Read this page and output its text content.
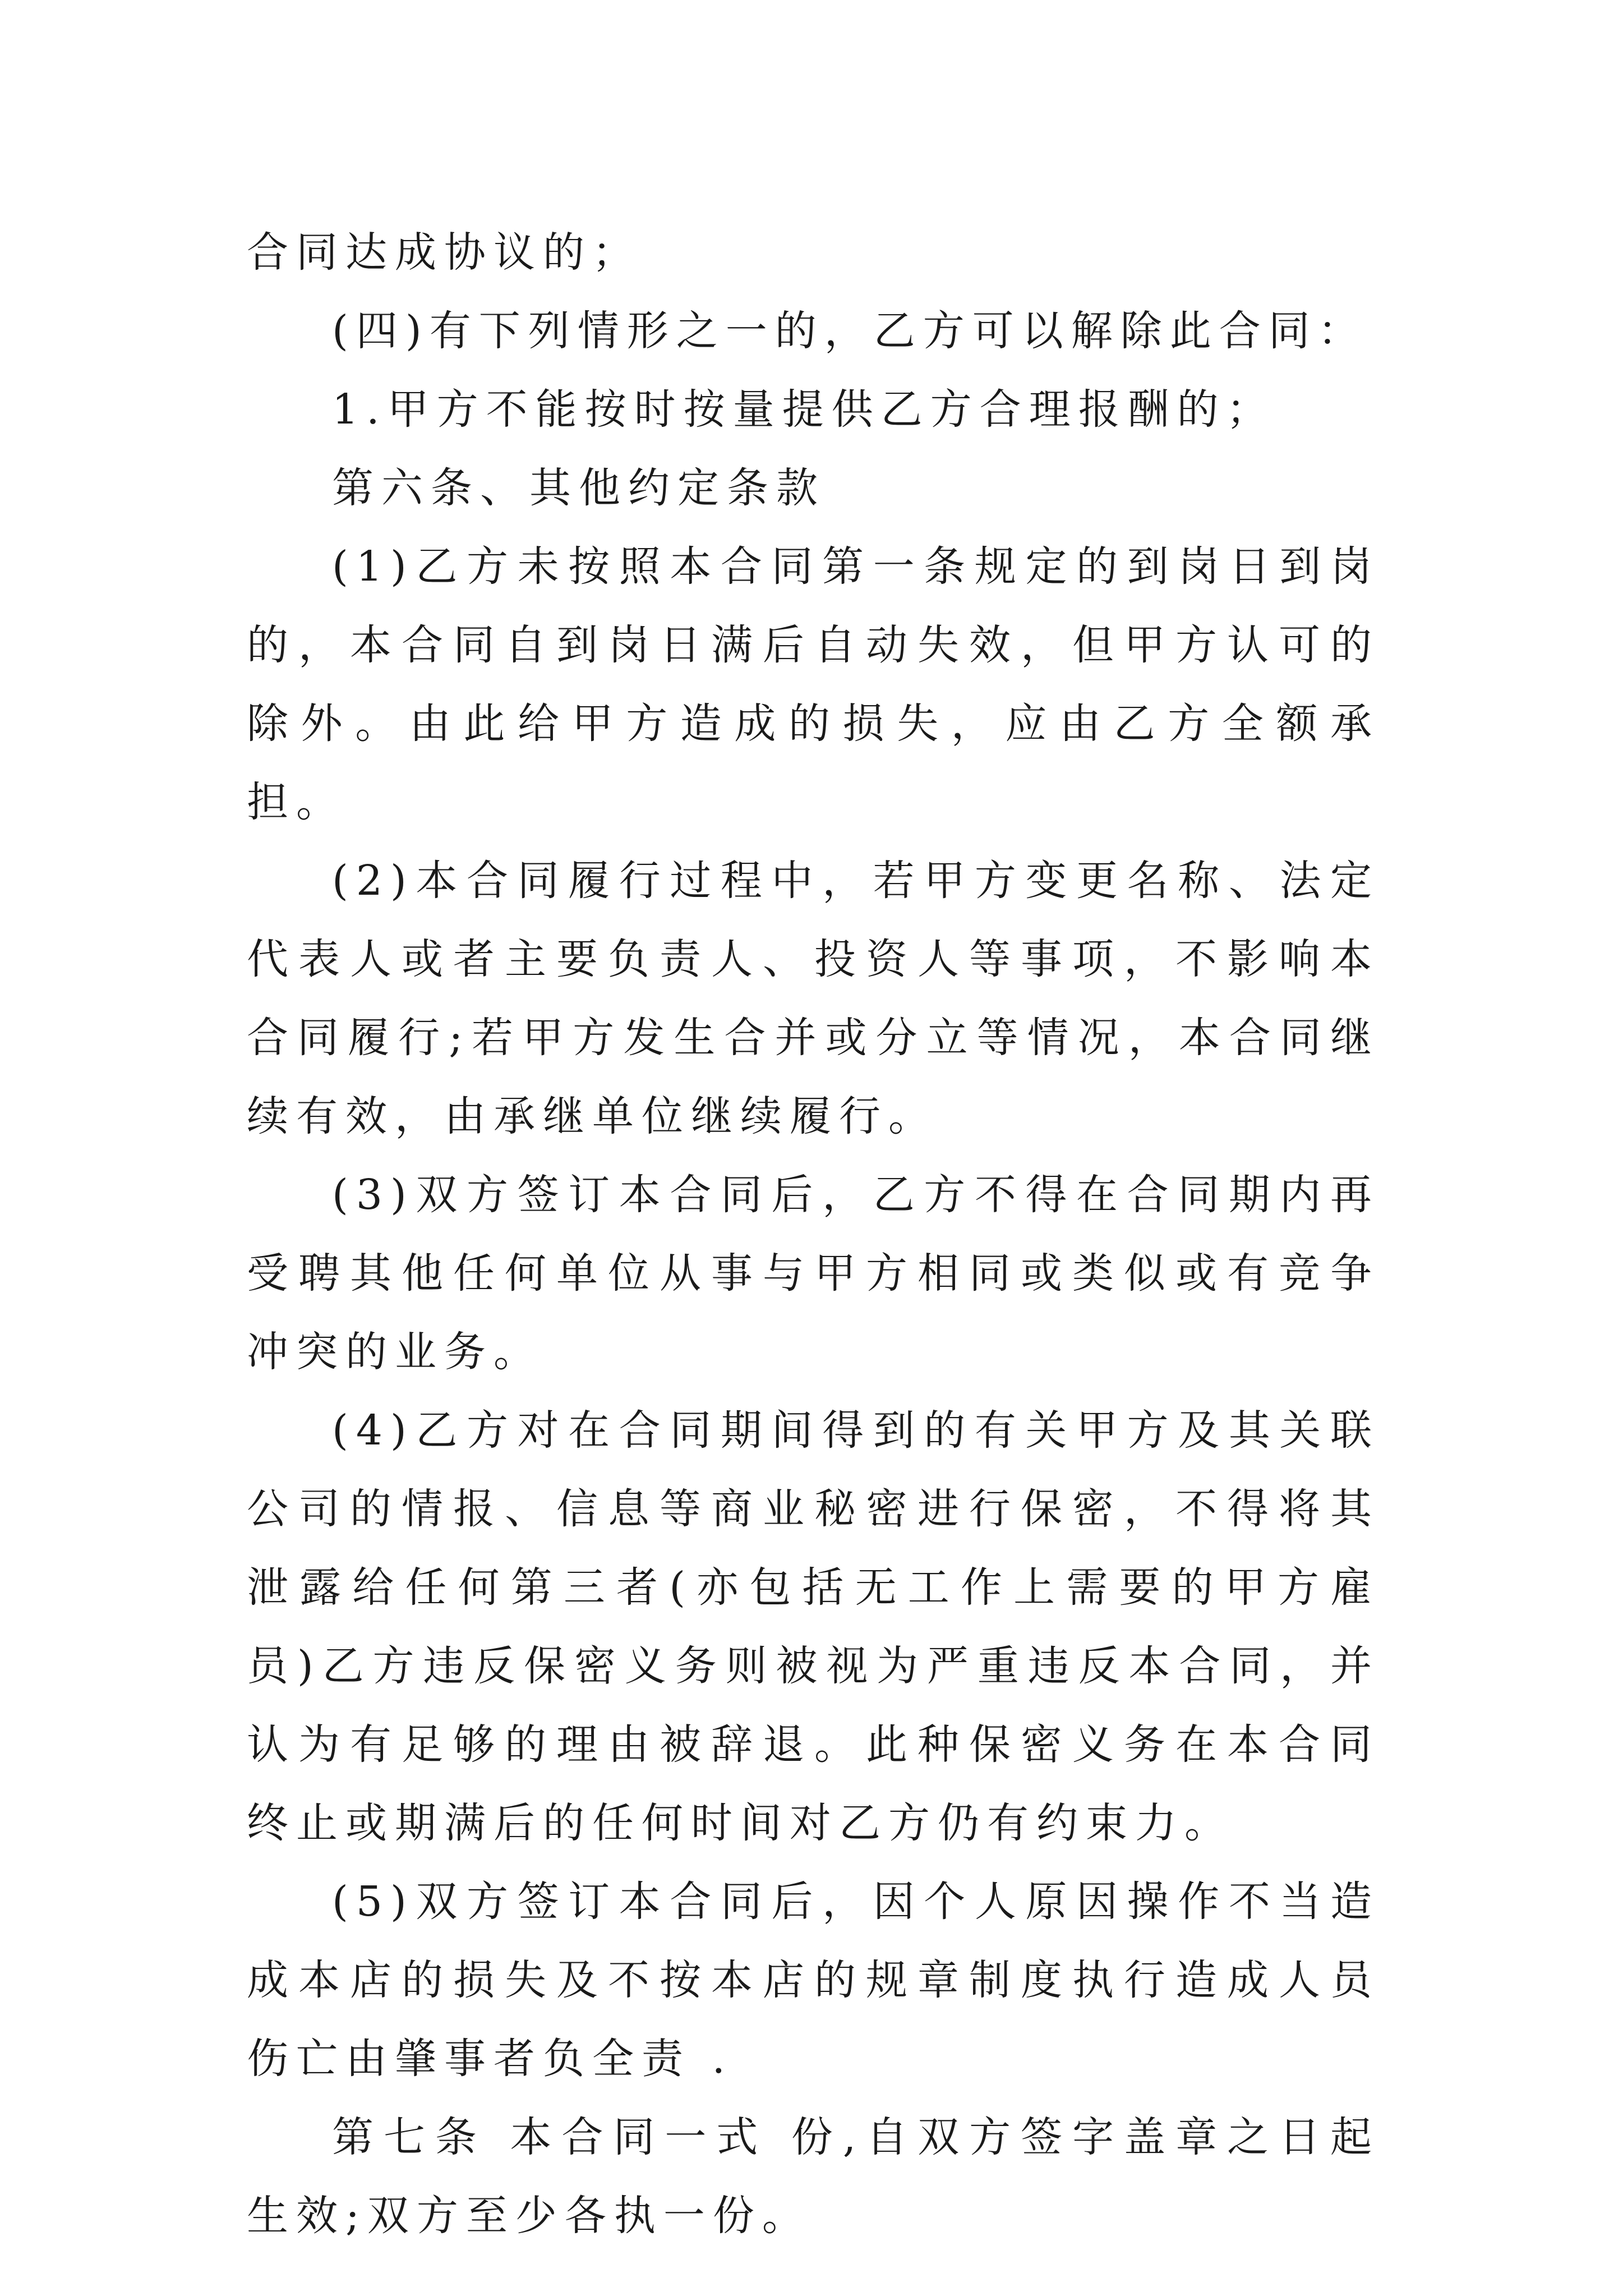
合同达成协议的；

(四)有下列情形之一的，乙方可以解除此合同：

1.甲方不能按时按量提供乙方合理报酬的；

第六条、其他约定条款

(1)乙方未按照本合同第一条规定的到岗日到岗的，本合同自到岗日满后自动失效，但甲方认可的除外。由此给甲方造成的损失，应由乙方全额承担。

(2)本合同履行过程中，若甲方变更名称、法定代表人或者主要负责人、投资人等事项，不影响本合同履行;若甲方发生合并或分立等情况，本合同继续有效，由承继单位继续履行。

(3)双方签订本合同后，乙方不得在合同期内再受聘其他任何单位从事与甲方相同或类似或有竞争冲突的业务。

(4)乙方对在合同期间得到的有关甲方及其关联公司的情报、信息等商业秘密进行保密，不得将其泄露给任何第三者(亦包括无工作上需要的甲方雇员)乙方违反保密义务则被视为严重违反本合同，并认为有足够的理由被辞退。此种保密义务在本合同终止或期满后的任何时间对乙方仍有约束力。

(5)双方签订本合同后，因个人原因操作不当造成本店的损失及不按本店的规章制度执行造成人员伤亡由肇事者负全责 .

第七条 本合同一式 份,自双方签字盖章之日起生效;双方至少各执一份。
